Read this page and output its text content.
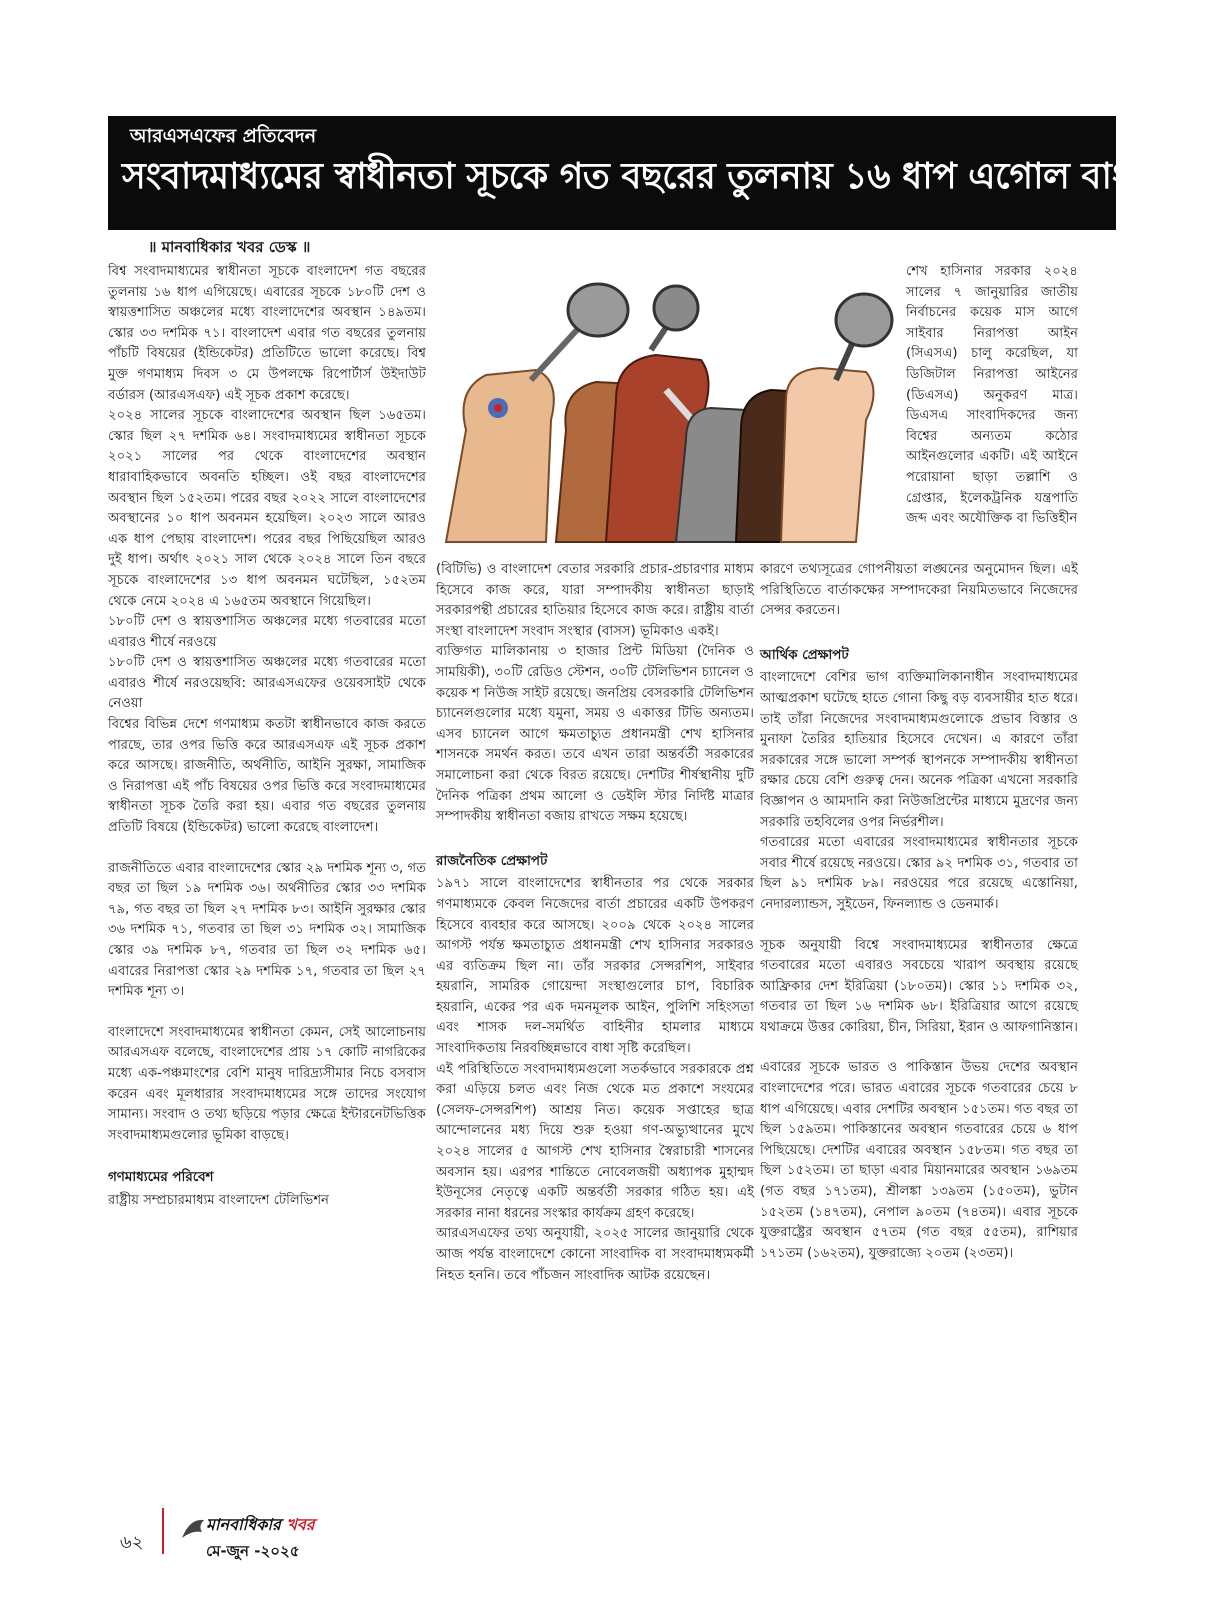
আরএসএফের প্রতিবেদন
সংবাদমাধ্যমের স্বাধীনতা সূচকে গত বছরের তুলনায় ১৬ ধাপ এগোল বাংলাদেশ
॥ মানবাধিকার খবর ডেস্ক ॥

বিশ্ব সংবাদমাধ্যমের স্বাধীনতা সূচকে বাংলাদেশ গত বছরের তুলনায় ১৬ ধাপ এগিয়েছে। এবারের সূচকে ১৮০টি দেশ ও স্বায়ত্তশাসিত অঞ্চলের মধ্যে বাংলাদেশের অবস্থান ১৪৯তম। স্কোর ৩৩ দশমিক ৭১। বাংলাদেশ এবার গত বছরের তুলনায় পাঁচটি বিষয়ের (ইন্ডিকেটর) প্রতিটিতে ভালো করেছে। বিশ্ব মুক্ত গণমাধ্যম দিবস ৩ মে উপলক্ষে রিপোর্টার্স উইদাউট বর্ডারস (আরএসএফ) এই সূচক প্রকাশ করেছে।

২০২৪ সালের সূচকে বাংলাদেশের অবস্থান ছিল ১৬৫তম। স্কোর ছিল ২৭ দশমিক ৬৪। সংবাদমাধ্যমের স্বাধীনতা সূচকে ২০২১ সালের পর থেকে বাংলাদেশের অবস্থান ধারাবাহিকভাবে অবনতি হচ্ছিল। ওই বছর বাংলাদেশের অবস্থান ছিল ১৫২তম। পরের বছর ২০২২ সালে বাংলাদেশের অবস্থানের ১০ ধাপ অবনমন হয়েছিল। ২০২৩ সালে আরও এক ধাপ পেছায় বাংলাদেশ। পরের বছর পিছিয়েছিল আরও দুই ধাপ। অর্থাৎ ২০২১ সাল থেকে ২০২৪ সালে তিন বছরে সূচকে বাংলাদেশের ১৩ ধাপ অবনমন ঘটেছিল, ১৫২তম থেকে নেমে ২০২৪ এ ১৬৫তম অবস্থানে গিয়েছিল।

১৮০টি দেশ ও স্বায়ত্তশাসিত অঞ্চলের মধ্যে গতবারের মতো এবারও শীর্ষে নরওয়ে

১৮০টি দেশ ও স্বায়ত্তশাসিত অঞ্চলের মধ্যে গতবারের মতো এবারও শীর্ষে নরওয়েছবি: আরএসএফের ওয়েবসাইট থেকে নেওয়া

বিশ্বের বিভিন্ন দেশে গণমাধ্যম কতটা স্বাধীনভাবে কাজ করতে পারছে, তার ওপর ভিত্তি করে আরএসএফ এই সূচক প্রকাশ করে আসছে। রাজনীতি, অর্থনীতি, আইনি সুরক্ষা, সামাজিক ও নিরাপত্তা এই পাঁচ বিষয়ের ওপর ভিত্তি করে সংবাদমাধ্যমের স্বাধীনতা সূচক তৈরি করা হয়। এবার গত বছরের তুলনায় প্রতিটি বিষয়ে (ইন্ডিকেটর) ভালো করেছে বাংলাদেশ।

রাজনীতিতে এবার বাংলাদেশের স্কোর ২৯ দশমিক শূন্য ৩, গত বছর তা ছিল ১৯ দশমিক ৩৬। অর্থনীতির স্কোর ৩৩ দশমিক ৭৯, গত বছর তা ছিল ২৭ দশমিক ৮৩। আইনি সুরক্ষার স্কোর ৩৬ দশমিক ৭১, গতবার তা ছিল ৩১ দশমিক ৩২। সামাজিক স্কোর ৩৯ দশমিক ৮৭, গতবার তা ছিল ৩২ দশমিক ৬৫। এবারের নিরাপত্তা স্কোর ২৯ দশমিক ১৭, গতবার তা ছিল ২৭ দশমিক শূন্য ৩।

বাংলাদেশে সংবাদমাধ্যমের স্বাধীনতা কেমন, সেই আলোচনায় আরএসএফ বলেছে, বাংলাদেশের প্রায় ১৭ কোটি নাগরিকের মধ্যে এক-পঞ্চমাংশের বেশি মানুষ দারিদ্র্যসীমার নিচে বসবাস করেন এবং মূলধারার সংবাদমাধ্যমের সঙ্গে তাদের সংযোগ সামান্য। সংবাদ ও তথ্য ছড়িয়ে পড়ার ক্ষেত্রে ইন্টারনেটভিত্তিক সংবাদমাধ্যমগুলোর ভূমিকা বাড়ছে।

গণমাধ্যমের পরিবেশ

রাষ্ট্রীয় সম্প্রচারমাধ্যম বাংলাদেশ টেলিভিশন

শেখ হাসিনার সরকার ২০২৪ সালের ৭ জানুয়ারির জাতীয় নির্বাচনের কয়েক মাস আগে সাইবার নিরাপত্তা আইন (সিএসএ) চালু করেছিল, যা ডিজিটাল নিরাপত্তা আইনের (ডিএসএ) অনুকরণ মাত্র। ডিএসএ সাংবাদিকদের জন্য বিশ্বের অন্যতম কঠোর আইনগুলোর একটি। এই আইনে পরোয়ানা ছাড়া তল্লাশি ও গ্রেপ্তার, ইলেকট্রনিক যন্ত্রপাতি জব্দ এবং অযৌক্তিক বা ভিত্তিহীন

(বিটিভি) ও বাংলাদেশ বেতার সরকারি প্রচার-প্রচারণার মাধ্যম হিসেবে কাজ করে, যারা সম্পাদকীয় স্বাধীনতা ছাড়াই সরকারপন্থী প্রচারের হাতিয়ার হিসেবে কাজ করে। রাষ্ট্রীয় বার্তা সংস্থা বাংলাদেশ সংবাদ সংস্থার (বাসস) ভূমিকাও একই।

ব্যক্তিগত মালিকানায় ৩ হাজার প্রিন্ট মিডিয়া (দৈনিক ও সাময়িকী), ৩০টি রেডিও স্টেশন, ৩০টি টেলিভিশন চ্যানেল ও কয়েক শ নিউজ সাইট রয়েছে। জনপ্রিয় বেসরকারি টেলিভিশন চ্যানেলগুলোর মধ্যে যমুনা, সময় ও একাত্তর টিভি অন্যতম। এসব চ্যানেল আগে ক্ষমতাচ্যুত প্রধানমন্ত্রী শেখ হাসিনার শাসনকে সমর্থন করত। তবে এখন তারা অন্তর্বর্তী সরকারের সমালোচনা করা থেকে বিরত রয়েছে। দেশটির শীর্ষস্থানীয় দুটি দৈনিক পত্রিকা প্রথম আলো ও ডেইলি স্টার নির্দিষ্ট মাত্রার সম্পাদকীয় স্বাধীনতা বজায় রাখতে সক্ষম হয়েছে।

রাজনৈতিক প্রেক্ষাপট

১৯৭১ সালে বাংলাদেশের স্বাধীনতার পর থেকে সরকার গণমাধ্যমকে কেবল নিজেদের বার্তা প্রচারের একটি উপকরণ হিসেবে ব্যবহার করে আসছে। ২০০৯ থেকে ২০২৪ সালের আগস্ট পর্যন্ত ক্ষমতাচ্যুত প্রধানমন্ত্রী শেখ হাসিনার সরকারও এর ব্যতিক্রম ছিল না। তাঁর সরকার সেন্সরশিপ, সাইবার হয়রানি, সামরিক গোয়েন্দা সংস্থাগুলোর চাপ, বিচারিক হয়রানি, একের পর এক দমনমূলক আইন, পুলিশি সহিংসতা এবং শাসক দল-সমর্থিত বাহিনীর হামলার মাধ্যমে সাংবাদিকতায় নিরবচ্ছিন্নভাবে বাধা সৃষ্টি করেছিল।

এই পরিস্থিতিতে সংবাদমাধ্যমগুলো সতর্কভাবে সরকারকে প্রশ্ন করা এড়িয়ে চলত এবং নিজ থেকে মত প্রকাশে সংযমের (সেলফ-সেন্সরশিপ) আশ্রয় নিত। কয়েক সপ্তাহের ছাত্র আন্দোলনের মধ্য দিয়ে শুরু হওয়া গণ-অভ্যুত্থানের মুখে ২০২৪ সালের ৫ আগস্ট শেখ হাসিনার স্বৈরাচারী শাসনের অবসান হয়। এরপর শান্তিতে নোবেলজয়ী অধ্যাপক মুহাম্মদ ইউনূসের নেতৃত্বে একটি অন্তর্বর্তী সরকার গঠিত হয়। এই সরকার নানা ধরনের সংস্কার কার্যক্রম গ্রহণ করেছে।

আরএসএফের তথ্য অনুযায়ী, ২০২৫ সালের জানুয়ারি থেকে আজ পর্যন্ত বাংলাদেশে কোনো সাংবাদিক বা সংবাদমাধ্যমকর্মী নিহত হননি। তবে পাঁচজন সাংবাদিক আটক রয়েছেন।

কারণে তথ্যসূত্রের গোপনীয়তা লঙ্ঘনের অনুমোদন ছিল। এই পরিস্থিতিতে বার্তাকক্ষের সম্পাদকেরা নিয়মিতভাবে নিজেদের সেন্সর করতেন।

আর্থিক প্রেক্ষাপট

বাংলাদেশে বেশির ভাগ ব্যক্তিমালিকানাধীন সংবাদমাধ্যমের আত্মপ্রকাশ ঘটেছে হাতে গোনা কিছু বড় ব্যবসায়ীর হাত ধরে। তাই তাঁরা নিজেদের সংবাদমাধ্যমগুলোকে প্রভাব বিস্তার ও মুনাফা তৈরির হাতিয়ার হিসেবে দেখেন। এ কারণে তাঁরা সরকারের সঙ্গে ভালো সম্পর্ক স্থাপনকে সম্পাদকীয় স্বাধীনতা রক্ষার চেয়ে বেশি গুরুত্ব দেন। অনেক পত্রিকা এখনো সরকারি বিজ্ঞাপন ও আমদানি করা নিউজপ্রিন্টের মাধ্যমে মুদ্রণের জন্য সরকারি তহবিলের ওপর নির্ভরশীল।

গতবারের মতো এবারের সংবাদমাধ্যমের স্বাধীনতার সূচকে সবার শীর্ষে রয়েছে নরওয়ে। স্কোর ৯২ দশমিক ৩১, গতবার তা ছিল ৯১ দশমিক ৮৯। নরওয়ের পরে রয়েছে এস্তোনিয়া, নেদারল্যান্ডস, সুইডেন, ফিনল্যান্ড ও ডেনমার্ক।

সূচক অনুযায়ী বিশ্বে সংবাদমাধ্যমের স্বাধীনতার ক্ষেত্রে গতবারের মতো এবারও সবচেয়ে খারাপ অবস্থায় রয়েছে আফ্রিকার দেশ ইরিত্রিয়া (১৮০তম)। স্কোর ১১ দশমিক ৩২, গতবার তা ছিল ১৬ দশমিক ৬৮। ইরিত্রিয়ার আগে রয়েছে যথাক্রমে উত্তর কোরিয়া, চীন, সিরিয়া, ইরান ও আফগানিস্তান।

এবারের সূচকে ভারত ও পাকিস্তান উভয় দেশের অবস্থান বাংলাদেশের পরে। ভারত এবারের সূচকে গতবারের চেয়ে ৮ ধাপ এগিয়েছে। এবার দেশটির অবস্থান ১৫১তম। গত বছর তা ছিল ১৫৯তম। পাকিস্তানের অবস্থান গতবারের চেয়ে ৬ ধাপ পিছিয়েছে। দেশটির এবারের অবস্থান ১৫৮তম। গত বছর তা ছিল ১৫২তম। তা ছাড়া এবার মিয়ানমারের অবস্থান ১৬৯তম (গত বছর ১৭১তম), শ্রীলঙ্কা ১৩৯তম (১৫০তম), ভুটান ১৫২তম (১৪৭তম), নেপাল ৯০তম (৭৪তম)। এবার সূচকে যুক্তরাষ্ট্রের অবস্থান ৫৭তম (গত বছর ৫৫তম), রাশিয়ার ১৭১তম (১৬২তম), যুক্তরাজ্যে ২০তম (২৩তম)।

৬২
মানবাধিকার খবর
মে-জুন -২০২৫
